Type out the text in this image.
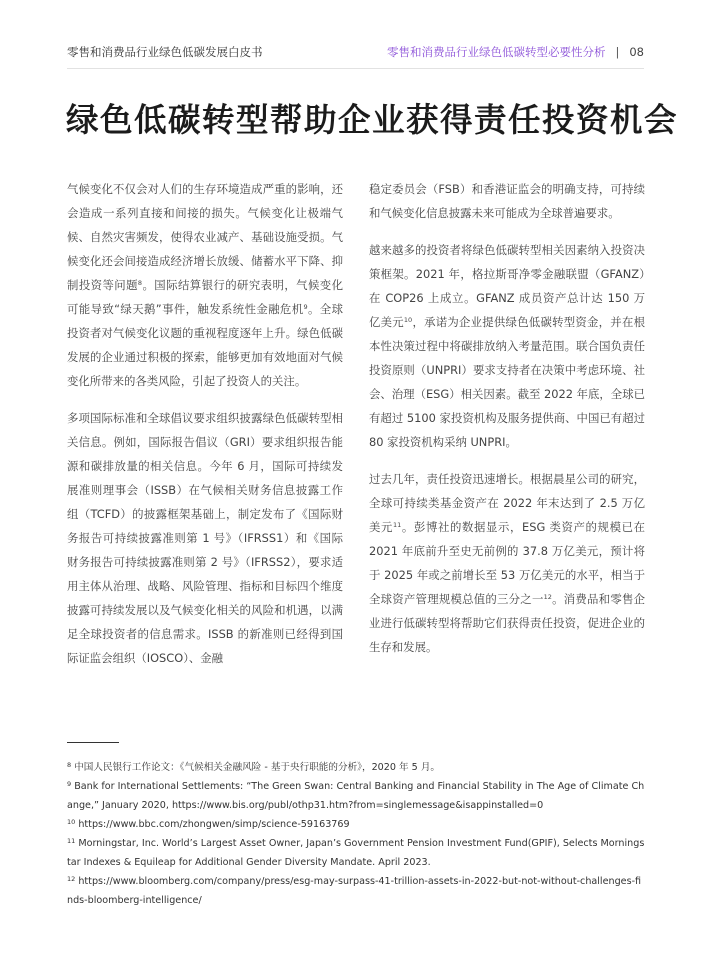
零售和消费品行业绿色低碳发展白皮书	零售和消费品行业绿色低碳转型必要性分析 | 08
绿色低碳转型帮助企业获得责任投资机会

气候变化不仅会对人们的生存环境造成严重的影响，还会造成一系列直接和间接的损失。气候变化让极端气候、自然灾害频发，使得农业减产、基础设施受损。气候变化还会间接造成经济增长放缓、储蓄水平下降、抑制投资等问题$^8$。国际结算银行的研究表明，气候变化可能导致“绿天鹅”事件，触发系统性金融危机$^9$。全球投资者对气候变化议题的重视程度逐年上升。绿色低碳发展的企业通过积极的探索，能够更加有效地面对气候变化所带来的各类风险，引起了投资人的关注。

多项国际标准和全球倡议要求组织披露绿色低碳转型相关信息。例如，国际报告倡议（GRI）要求组织报告能源和碳排放量的相关信息。今年 6 月，国际可持续发展准则理事会（ISSB）在气候相关财务信息披露工作组（TCFD）的披露框架基础上，制定发布了《国际财务报告可持续披露准则第 1 号》（IFRSS1）和《国际财务报告可持续披露准则第 2 号》（IFRSS2），要求适用主体从治理、战略、风险管理、指标和目标四个维度披露可持续发展以及气候变化相关的风险和机遇，以满足全球投资者的信息需求。ISSB 的新准则已经得到国际证监会组织（IOSCO）、金融

稳定委员会（FSB）和香港证监会的明确支持，可持续和气候变化信息披露未来可能成为全球普遍要求。

越来越多的投资者将绿色低碳转型相关因素纳入投资决策框架。2021 年，格拉斯哥净零金融联盟（GFANZ）在 COP26 上成立。GFANZ 成员资产总计达 150 万亿美元$^{10}$，承诺为企业提供绿色低碳转型资金，并在根本性决策过程中将碳排放纳入考量范围。联合国负责任投资原则（UNPRI）要求支持者在决策中考虑环境、社会、治理（ESG）相关因素。截至 2022 年底，全球已有超过 5100 家投资机构及服务提供商、中国已有超过 80 家投资机构采纳 UNPRI。

过去几年，责任投资迅速增长。根据晨星公司的研究，全球可持续类基金资产在 2022 年末达到了 2.5 万亿美元$^{11}$。彭博社的数据显示，ESG 类资产的规模已在 2021 年底前升至史无前例的 37.8 万亿美元，预计将于 2025 年或之前增长至 53 万亿美元的水平，相当于全球资产管理规模总值的三分之一$^{12}$。消费品和零售企业进行低碳转型将帮助它们获得责任投资，促进企业的生存和发展。

$^8$ 中国人民银行工作论文：《气候相关金融风险 - 基于央行职能的分析》，2020 年 5 月。

$^9$ Bank for International Settlements: “The Green Swan: Central Banking and Financial Stability in The Age of Climate Change,” January 2020, https://www.bis.org/publ/othp31.htm?from=singlemessage&isappinstalled=0

$^{10}$ https://www.bbc.com/zhongwen/simp/science-59163769

$^{11}$ Morningstar, Inc. World’s Largest Asset Owner, Japan’s Government Pension Investment Fund(GPIF), Selects Morningstar Indexes & Equileap for Additional Gender Diversity Mandate. April 2023.

$^{12}$ https://www.bloomberg.com/company/press/esg-may-surpass-41-trillion-assets-in-2022-but-not-without-challenges-finds-bloomberg-intelligence/
